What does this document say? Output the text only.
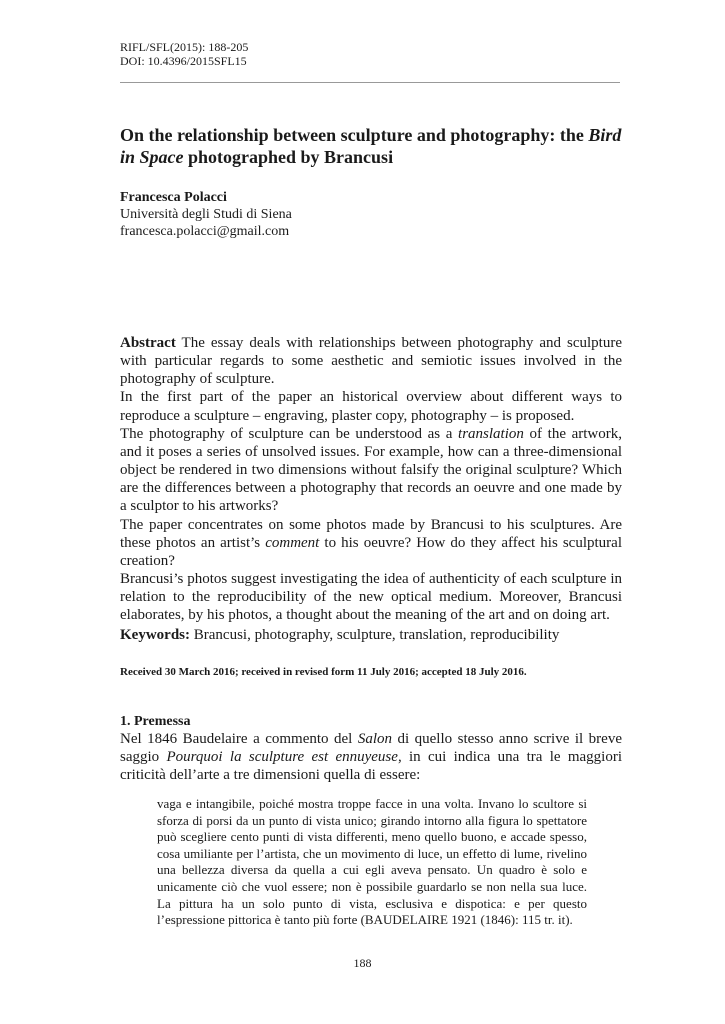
RIFL/SFL(2015): 188-205
DOI: 10.4396/2015SFL15
On the relationship between sculpture and photography: the Bird in Space photographed by Brancusi
Francesca Polacci
Università degli Studi di Siena
francesca.polacci@gmail.com

Abstract The essay deals with relationships between photography and sculpture with particular regards to some aesthetic and semiotic issues involved in the photography of sculpture.

In the first part of the paper an historical overview about different ways to reproduce a sculpture – engraving, plaster copy, photography – is proposed.

The photography of sculpture can be understood as a translation of the artwork, and it poses a series of unsolved issues. For example, how can a three-dimensional object be rendered in two dimensions without falsify the original sculpture? Which are the differences between a photography that records an oeuvre and one made by a sculptor to his artworks?

The paper concentrates on some photos made by Brancusi to his sculptures. Are these photos an artist’s comment to his oeuvre? How do they affect his sculptural creation?

Brancusi’s photos suggest investigating the idea of authenticity of each sculpture in relation to the reproducibility of the new optical medium. Moreover, Brancusi elaborates, by his photos, a thought about the meaning of the art and on doing art.

Keywords: Brancusi, photography, sculpture, translation, reproducibility

Received 30 March 2016; received in revised form 11 July 2016; accepted 18 July 2016.

1. Premessa

Nel 1846 Baudelaire a commento del Salon di quello stesso anno scrive il breve saggio Pourquoi la sculpture est ennuyeuse, in cui indica una tra le maggiori criticità dell’arte a tre dimensioni quella di essere:

vaga e intangibile, poiché mostra troppe facce in una volta. Invano lo scultore si sforza di porsi da un punto di vista unico; girando intorno alla figura lo spettatore può scegliere cento punti di vista differenti, meno quello buono, e accade spesso, cosa umiliante per l’artista, che un movimento di luce, un effetto di lume, rivelino una bellezza diversa da quella a cui egli aveva pensato. Un quadro è solo e unicamente ciò che vuol essere; non è possibile guardarlo se non nella sua luce. La pittura ha un solo punto di vista, esclusiva e dispotica: e per questo l’espressione pittorica è tanto più forte (BAUDELAIRE 1921 (1846): 115 tr. it).

188
